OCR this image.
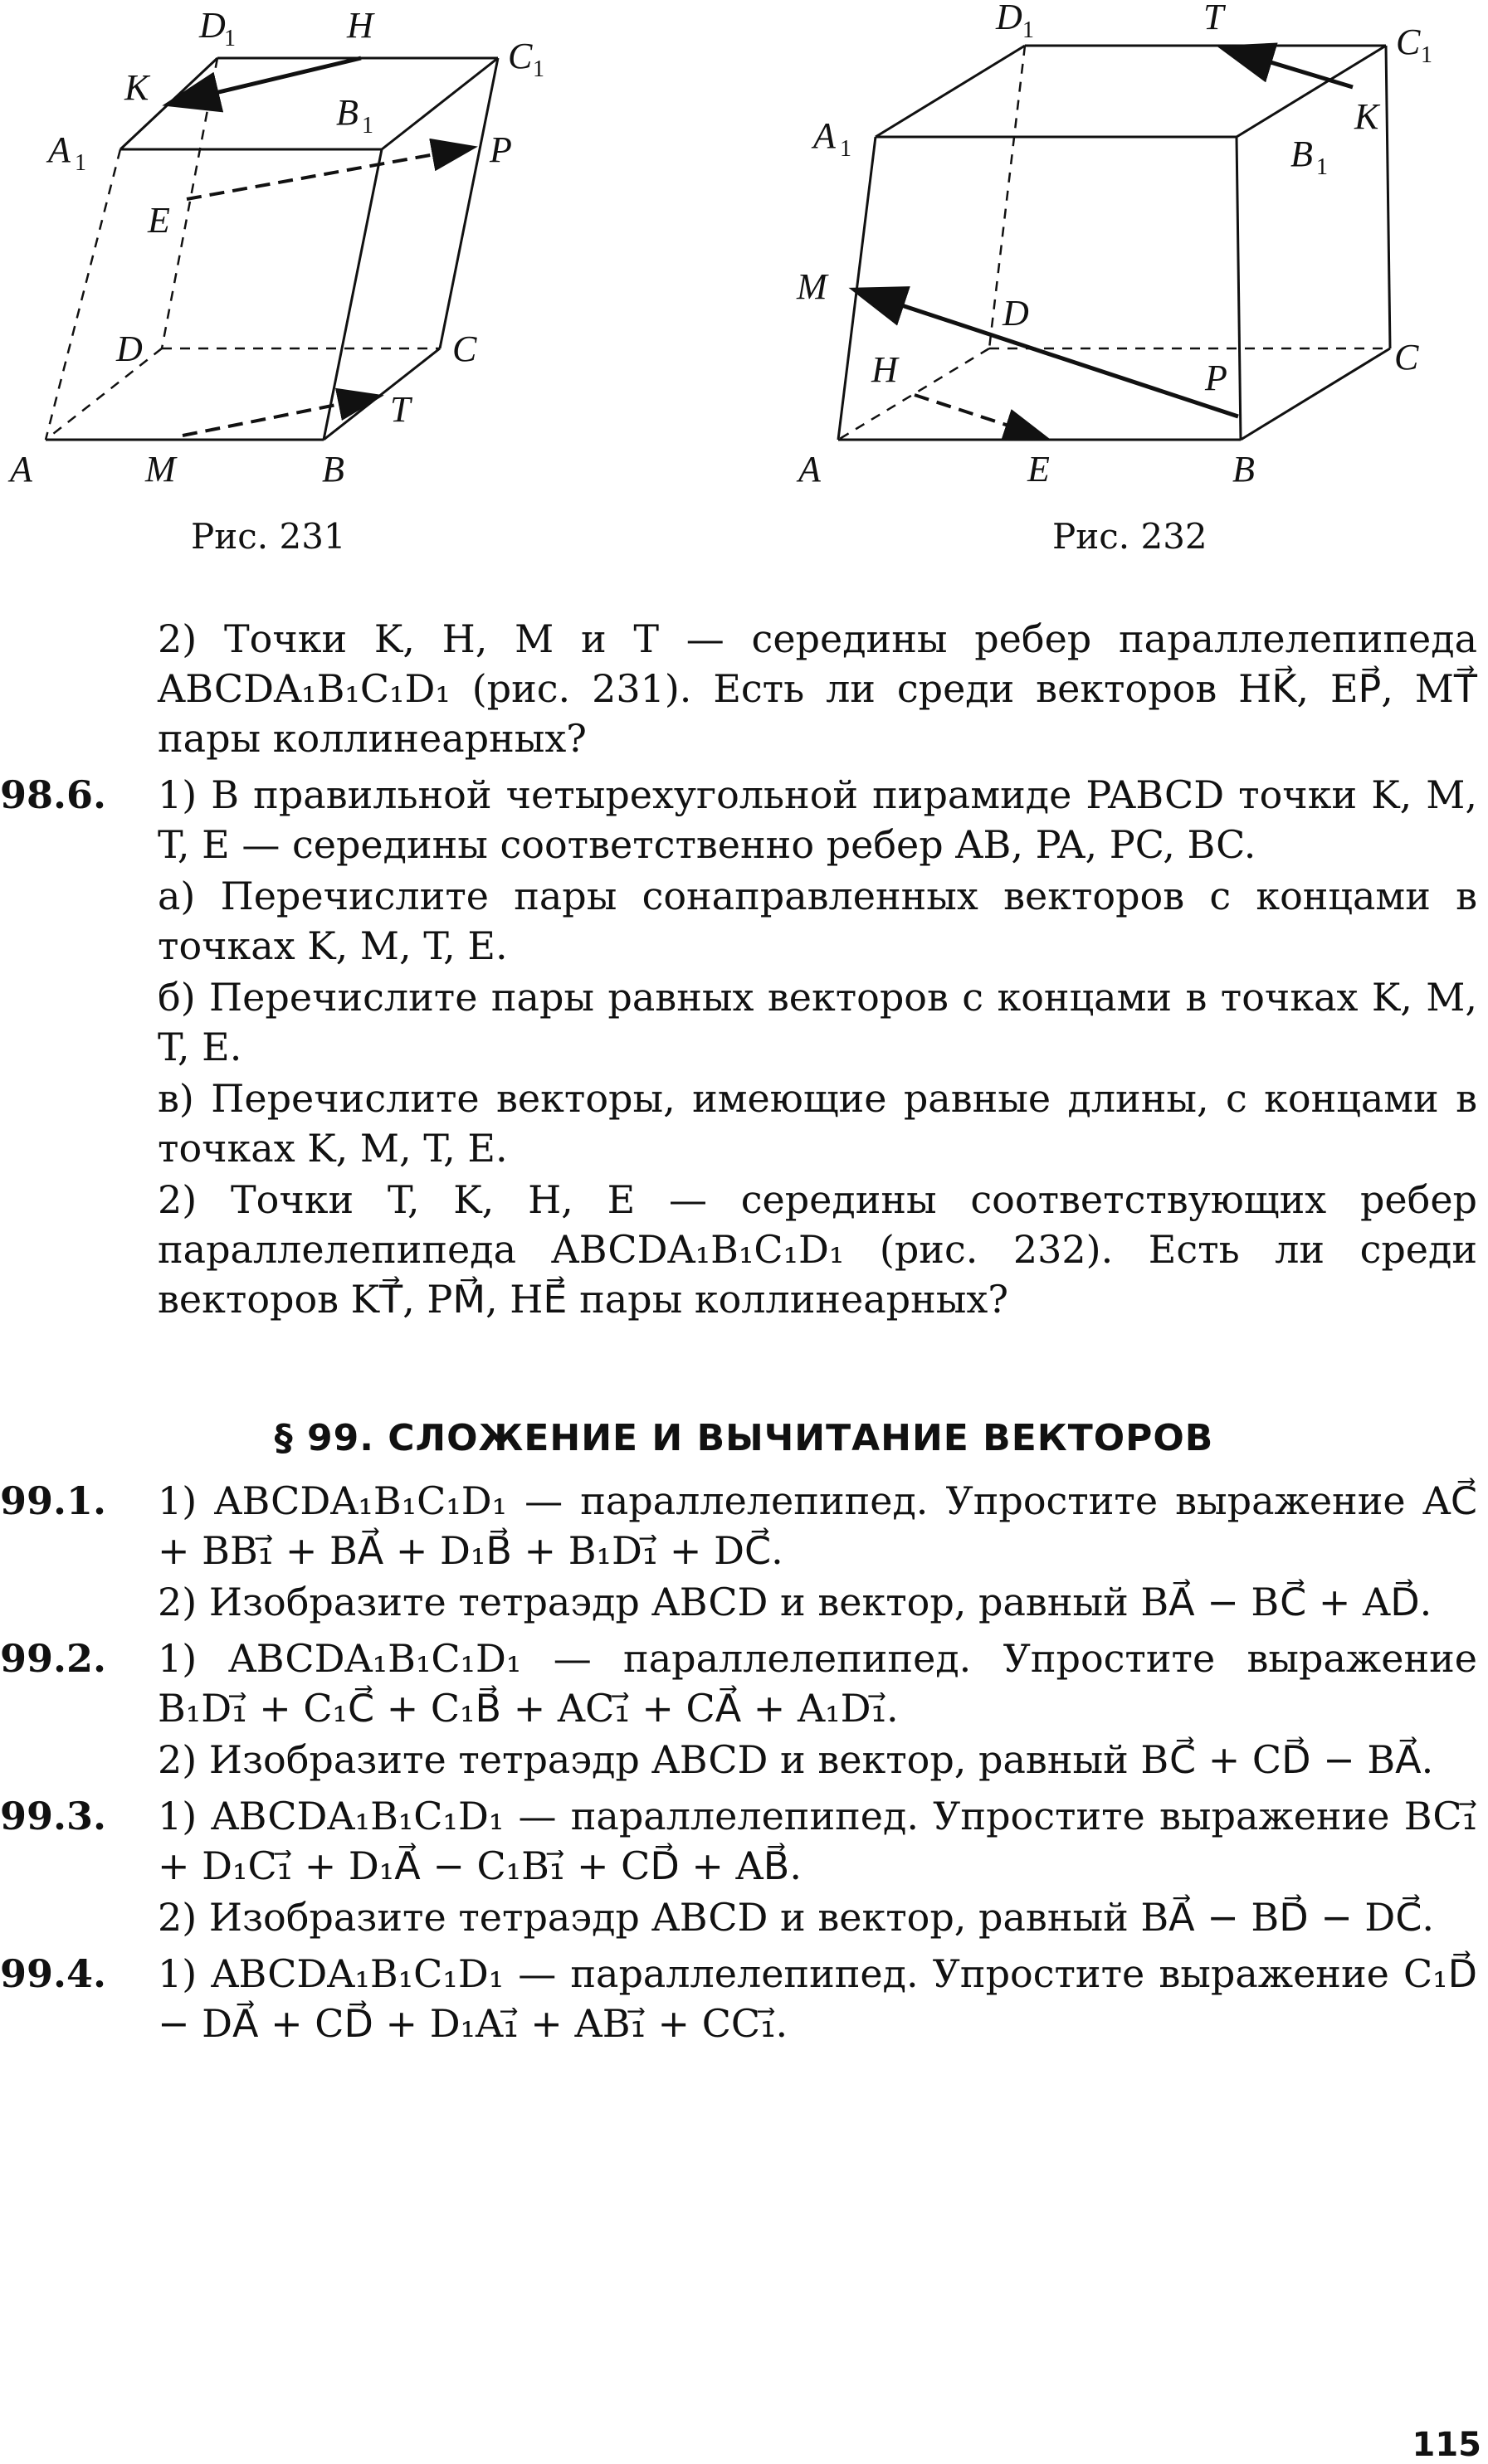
D
1	H
C 1
K
B 1
A 1	P
E
D	C
T
A	M	B
Рис. 231
D 1	T
C 1
K
A 1	B 1
M
D
C
H	P
A	E	B
Рис. 232

2) Точки K, H, M и T — середины ребер параллелепипеда ABCDA₁B₁C₁D₁ (рис. 231). Есть ли среди векторов HK⃗, EP⃗, MT⃗ пары коллинеарных?

98.6.	1) В правильной четырехугольной пирамиде PABCD точки K, M, T, E — середины соответственно ребер AB, PA, PC, BC.

а) Перечислите пары сонаправленных векторов с концами в точках K, M, T, E.

б) Перечислите пары равных векторов с концами в точках K, M, T, E.

в) Перечислите векторы, имеющие равные длины, с концами в точках K, M, T, E.

2) Точки T, K, H, E — середины соответствующих ребер параллелепипеда ABCDA₁B₁C₁D₁ (рис. 232). Есть ли среди векторов KT⃗, PM⃗, HE⃗ пары коллинеарных?

§ 99. СЛОЖЕНИЕ И ВЫЧИТАНИЕ ВЕКТОРОВ
99.1.	1) ABCDA₁B₁C₁D₁ — параллелепипед. Упростите выражение AC⃗ + BB₁⃗ + BA⃗ + D₁B⃗ + B₁D₁⃗ + DC⃗.

2) Изобразите тетраэдр ABCD и вектор, равный BA⃗ − BC⃗ + AD⃗.

99.2.	1) ABCDA₁B₁C₁D₁ — параллелепипед. Упростите выражение B₁D₁⃗ + C₁C⃗ + C₁B⃗ + AC₁⃗ + CA⃗ + A₁D₁⃗.

2) Изобразите тетраэдр ABCD и вектор, равный BC⃗ + CD⃗ − BA⃗.

99.3.	1) ABCDA₁B₁C₁D₁ — параллелепипед. Упростите выражение BC₁⃗ + D₁C₁⃗ + D₁A⃗ − C₁B₁⃗ + CD⃗ + AB⃗.

2) Изобразите тетраэдр ABCD и вектор, равный BA⃗ − BD⃗ − DC⃗.

99.4.	1) ABCDA₁B₁C₁D₁ — параллелепипед. Упростите выражение C₁D⃗ − DA⃗ + CD⃗ + D₁A₁⃗ + AB₁⃗ + CC₁⃗.

115
